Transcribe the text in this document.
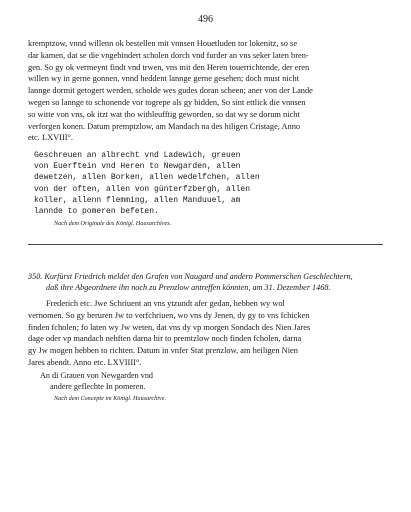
496
kremptzow, vnnd willenn ok bestellen mit vnnsen Houetluden tor lokenitz, so se
dar kamen, dat se die vngebindert scholen dorch vnd furder an vns seker laten bren-
gen. So gy ok vermeynt findt vnd trwen, vns mit den Heren touerrichtende, der eren
willen wy in gerne gonnen, vnnd heddent lannge gerne gesehen; doch must nicht
lannge dormit getogert werden, scholde wes gudes doran scheen; aner von der Lande
wegen so lannge to schonende vor togrepe als gy bidden, So sint ettlick die vnnsen
so witte von vns, ok itzt wat tho withleufftig geworden, so dat wy se dorum nicht
verforgen konen. Datum premptzlow, am Mandach na des hiligen Cristage, Anno
etc. LXVIII°.
Geschreuen an albrecht vnd Ladewich, greuen
von Euerftein vnd Heren to Newgarden, allen
dewetzen, allen Borken, allen wedelfchen, allen
von der often, allen von günterfzbergh, allen
koller, allenn flemming, allen Manduuel, am
lannde to pomeren befeten.
Nach dem Originale des Königl. Hausarchives.
350. Kurfürst Friedrich meldet den Grafen von Naugard und andern Pommerschen Geschlechtern,
daß ihre Abgeordnete ihn noch zu Prenzlow antreffen könnten, am 31. Dezember 1468.
Frederich etc. Jwe Schriuent an vns ytzundt afer gedan, hebben wy wol
vernomen. So gy beruren Jw to verfchriuen, wo vns dy Jenen, dy gy to vns fchicken
finden fcholen; fo laten wy Jw weten, dat vns dy vp morgen Sondach des Nien Jares
dage oder vp mandach nehften darna hir to premtzlow noch finden fcholen, darna
gy Jw mogen hebben to richten. Datum in vnfer Stat prenzlow, am heiligen Nien
Jares abendt. Anno etc. LXVIIII°.
An di Grauen von Newgarden vnd
andere geflechte In pomeren.
Nach dem Concepte im Königl. Hausarchive.
